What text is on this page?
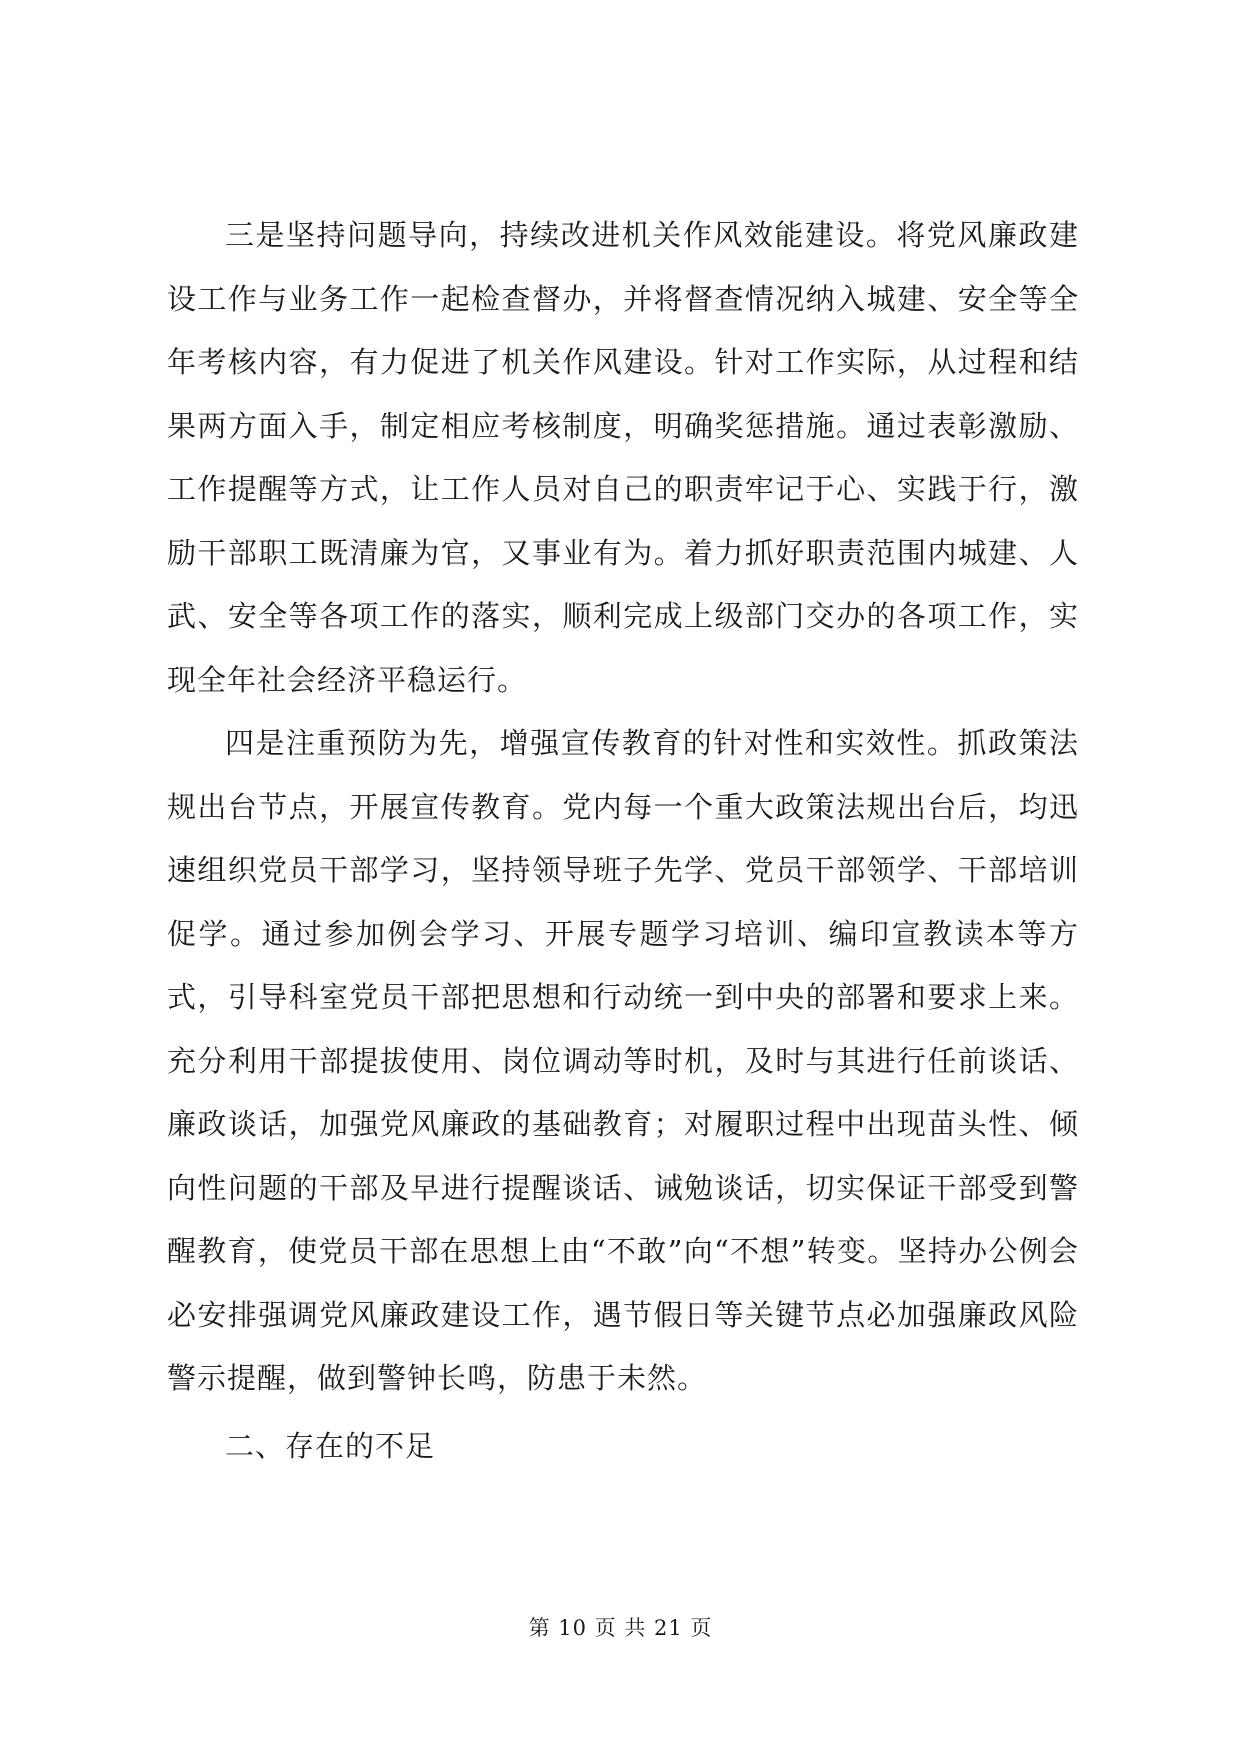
三是坚持问题导向，持续改进机关作风效能建设。将党风廉政建设工作与业务工作一起检查督办，并将督查情况纳入城建、安全等全年考核内容，有力促进了机关作风建设。针对工作实际，从过程和结果两方面入手，制定相应考核制度，明确奖惩措施。通过表彰激励、工作提醒等方式，让工作人员对自己的职责牢记于心、实践于行，激励干部职工既清廉为官，又事业有为。着力抓好职责范围内城建、人武、安全等各项工作的落实，顺利完成上级部门交办的各项工作，实现全年社会经济平稳运行。

四是注重预防为先，增强宣传教育的针对性和实效性。抓政策法规出台节点，开展宣传教育。党内每一个重大政策法规出台后，均迅速组织党员干部学习，坚持领导班子先学、党员干部领学、干部培训促学。通过参加例会学习、开展专题学习培训、编印宣教读本等方式，引导科室党员干部把思想和行动统一到中央的部署和要求上来。充分利用干部提拔使用、岗位调动等时机，及时与其进行任前谈话、廉政谈话，加强党风廉政的基础教育；对履职过程中出现苗头性、倾向性问题的干部及早进行提醒谈话、诫勉谈话，切实保证干部受到警醒教育，使党员干部在思想上由“不敢”向“不想”转变。坚持办公例会必安排强调党风廉政建设工作，遇节假日等关键节点必加强廉政风险警示提醒，做到警钟长鸣，防患于未然。

二、存在的不足

第 10 页 共 21 页
